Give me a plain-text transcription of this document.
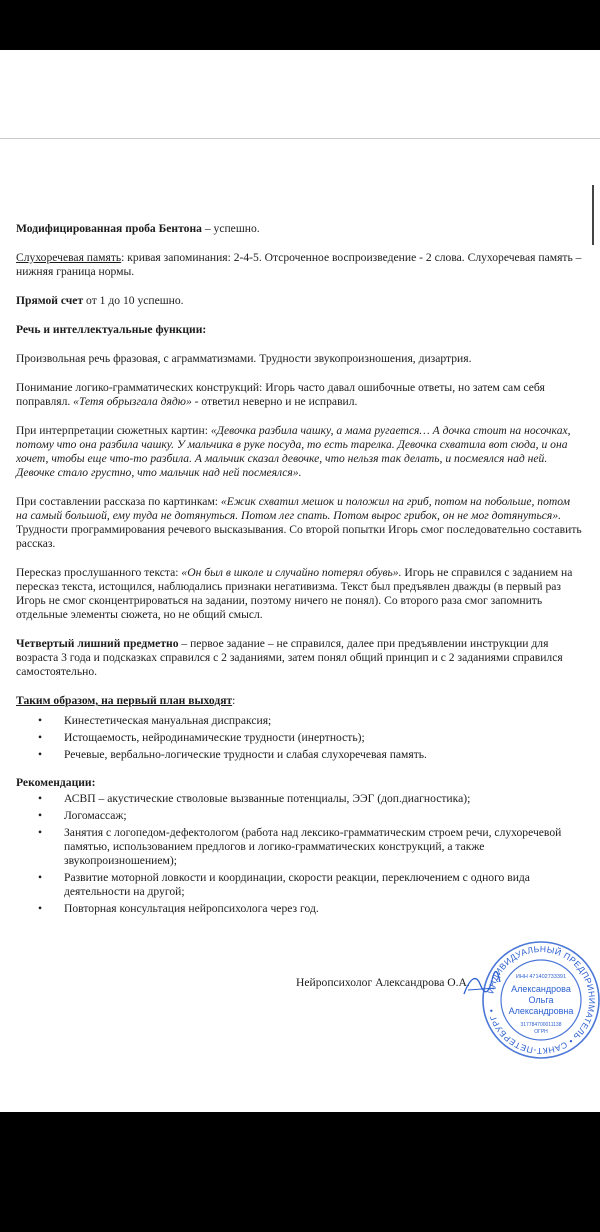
Модифицированная проба Бентона – успешно.

Слухоречевая память: кривая запоминания: 2-4-5. Отсроченное воспроизведение - 2 слова. Слухоречевая память – нижняя граница нормы.

Прямой счет от 1 до 10 успешно.

Речь и интеллектуальные функции:

Произвольная речь фразовая, с аграмматизмами. Трудности звукопроизношения, дизартрия.

Понимание логико-грамматических конструкций: Игорь часто давал ошибочные ответы, но затем сам себя поправлял. «Тетя обрызгала дядю» - ответил неверно и не исправил.

При интерпретации сюжетных картин: «Девочка разбила чашку, а мама ругается… А дочка стоит на носочках, потому что она разбила чашку. У мальчика в руке посуда, то есть тарелка. Девочка схватила вот сюда, и она хочет, чтобы еще что-то разбила. А мальчик сказал девочке, что нельзя так делать, и посмеялся над ней. Девочке стало грустно, что мальчик над ней посмеялся».

При составлении рассказа по картинкам: «Ежик схватил мешок и положил на гриб, потом на побольше, потом на самый большой, ему туда не дотянуться. Потом лег спать. Потом вырос грибок, он не мог дотянуться». Трудности программирования речевого высказывания. Со второй попытки Игорь смог последовательно составить рассказ.

Пересказ прослушанного текста: «Он был в школе и случайно потерял обувь». Игорь не справился с заданием на пересказ текста, истощился, наблюдались признаки негативизма. Текст был предъявлен дважды (в первый раз Игорь не смог сконцентрироваться на задании, поэтому ничего не понял). Со второго раза смог запомнить отдельные элементы сюжета, но не общий смысл.

Четвертый лишний предметно – первое задание – не справился, далее при предъявлении инструкции для возраста 3 года и подсказках справился с 2 заданиями, затем понял общий принцип и с 2 заданиями справился самостоятельно.

Таким образом, на первый план выходят:

• Кинестетическая мануальная диспраксия;
• Истощаемость, нейродинамические трудности (инертность);
• Речевые, вербально-логические трудности и слабая слухоречевая память.

Рекомендации:

• АСВП – акустические стволовые вызванные потенциалы, ЭЭГ (доп.диагностика);
• Логомассаж;
• Занятия с логопедом-дефектологом (работа над лексико-грамматическим строем речи, слухоречевой памятью, использованием предлогов и логико-грамматических конструкций, а также звукопроизношением);
• Развитие моторной ловкости и координации, скорости реакции, переключением с одного вида деятельности на другой;
• Повторная консультация нейропсихолога через год.
Нейропсихолог Александрова О.А.
ИНДИВИДУАЛЬНЫЙ ПРЕДПРИНИМАТЕЛЬ • САНКТ-ПЕТЕРБУРГ •
ИНН 471402733391
Александрова
Ольга
Александровна
317784700011138
ОГРН
